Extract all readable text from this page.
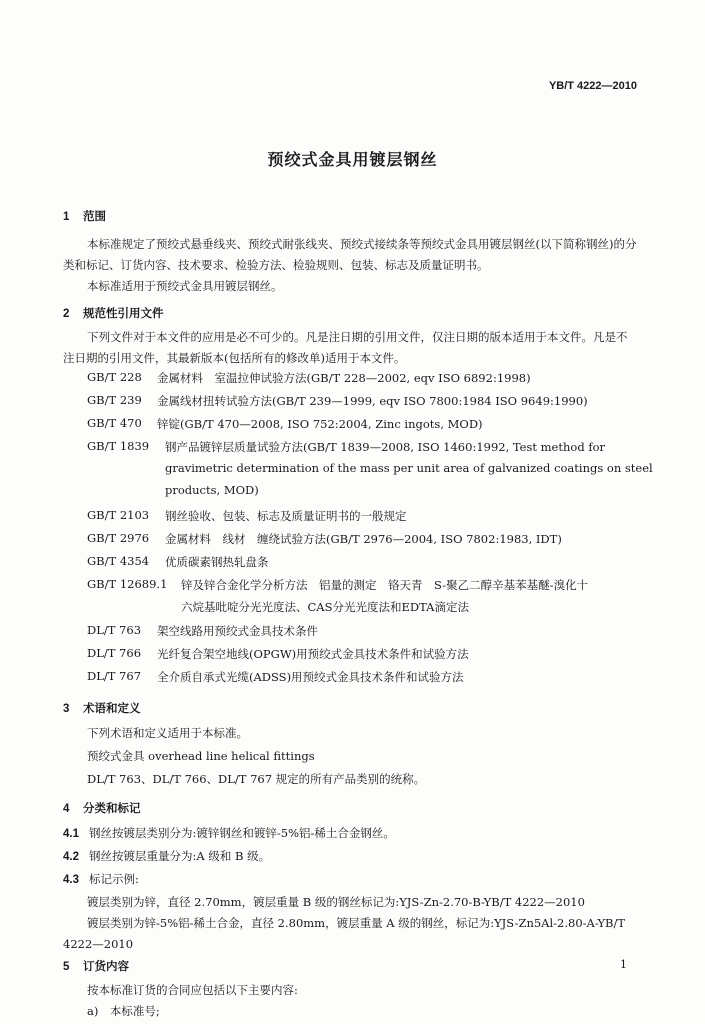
YB/T 4222—2010
预绞式金具用镀层钢丝
1 范围
本标准规定了预绞式悬垂线夹、预绞式耐张线夹、预绞式接续条等预绞式金具用镀层钢丝(以下简称钢丝)的分类和标记、订货内容、技术要求、检验方法、检验规则、包装、标志及质量证明书。
本标准适用于预绞式金具用镀层钢丝。
2 规范性引用文件
下列文件对于本文件的应用是必不可少的。凡是注日期的引用文件，仅注日期的版本适用于本文件。凡是不注日期的引用文件，其最新版本(包括所有的修改单)适用于本文件。
GB/T 228 金属材料　室温拉伸试验方法(GB/T 228—2002, eqv ISO 6892:1998)
GB/T 239 金属线材扭转试验方法(GB/T 239—1999, eqv ISO 7800:1984 ISO 9649:1990)
GB/T 470 锌锭(GB/T 470—2008, ISO 752:2004, Zinc ingots, MOD)
GB/T 1839 钢产品镀锌层质量试验方法(GB/T 1839—2008, ISO 1460:1992, Test method for
gravimetric determination of the mass per unit area of galvanized coatings on steel
products, MOD)
GB/T 2103 钢丝验收、包装、标志及质量证明书的一般规定
GB/T 2976 金属材料　线材　缠绕试验方法(GB/T 2976—2004, ISO 7802:1983, IDT)
GB/T 4354 优质碳素钢热轧盘条
GB/T 12689.1 锌及锌合金化学分析方法　铝量的测定　铬天青　S-聚乙二醇辛基苯基醚-溴化十
六烷基吡啶分光光度法、CAS分光光度法和EDTA滴定法
DL/T 763 架空线路用预绞式金具技术条件
DL/T 766 光纤复合架空地线(OPGW)用预绞式金具技术条件和试验方法
DL/T 767 全介质自承式光缆(ADSS)用预绞式金具技术条件和试验方法
3 术语和定义
下列术语和定义适用于本标准。
预绞式金具 overhead line helical fittings
DL/T 763、DL/T 766、DL/T 767 规定的所有产品类别的统称。
4 分类和标记
4.1 钢丝按镀层类别分为:镀锌钢丝和镀锌-5%铝-稀土合金钢丝。
4.2 钢丝按镀层重量分为:A 级和 B 级。
4.3 标记示例:
镀层类别为锌，直径 2.70mm，镀层重量 B 级的钢丝标记为:YJS-Zn-2.70-B-YB/T 4222—2010
镀层类别为锌-5%铝-稀土合金，直径 2.80mm，镀层重量 A 级的钢丝，标记为:YJS-Zn5Al-2.80-A-YB/T 4222—2010
5 订货内容
按本标准订货的合同应包括以下主要内容:
a)　本标准号;
1
